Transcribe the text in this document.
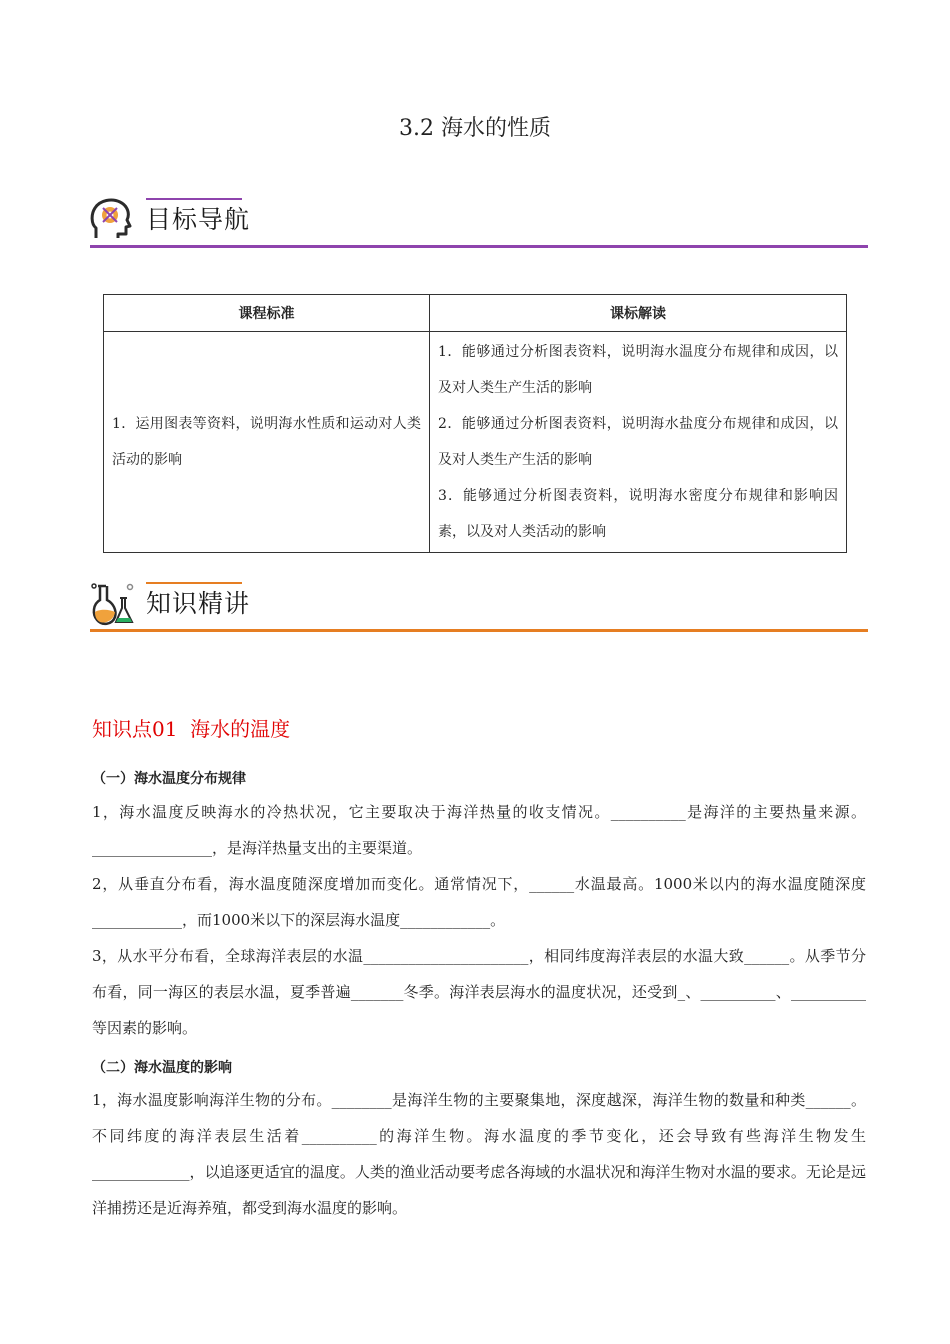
3.2 海水的性质
目标导航
课程标准	课标解读
1．运用图表等资料，说明海水性质和运动对人类活动的影响	1．能够通过分析图表资料，说明海水温度分布规律和成因，以及对人类生产生活的影响
2．能够通过分析图表资料，说明海水盐度分布规律和成因，以及对人类生产生活的影响
3．能够通过分析图表资料，说明海水密度分布规律和影响因素，以及对人类活动的影响
知识精讲
知识点01 海水的温度
（一）海水温度分布规律
1，海水温度反映海水的冷热状况，它主要取决于海洋热量的收支情况。__________是海洋的主要热量来源。________________，是海洋热量支出的主要渠道。
2，从垂直分布看，海水温度随深度增加而变化。通常情况下，______水温最高。1000米以内的海水温度随深度____________，而1000米以下的深层海水温度____________。
3，从水平分布看，全球海洋表层的水温______________________，相同纬度海洋表层的水温大致______。从季节分布看，同一海区的表层水温，夏季普遍_______冬季。海洋表层海水的温度状况，还受到_、__________、__________等因素的影响。
（二）海水温度的影响
1，海水温度影响海洋生物的分布。________是海洋生物的主要聚集地，深度越深，海洋生物的数量和种类______。不同纬度的海洋表层生活着__________的海洋生物。海水温度的季节变化，还会导致有些海洋生物发生_____________，以追逐更适宜的温度。人类的渔业活动要考虑各海域的水温状况和海洋生物对水温的要求。无论是远洋捕捞还是近海养殖，都受到海水温度的影响。
